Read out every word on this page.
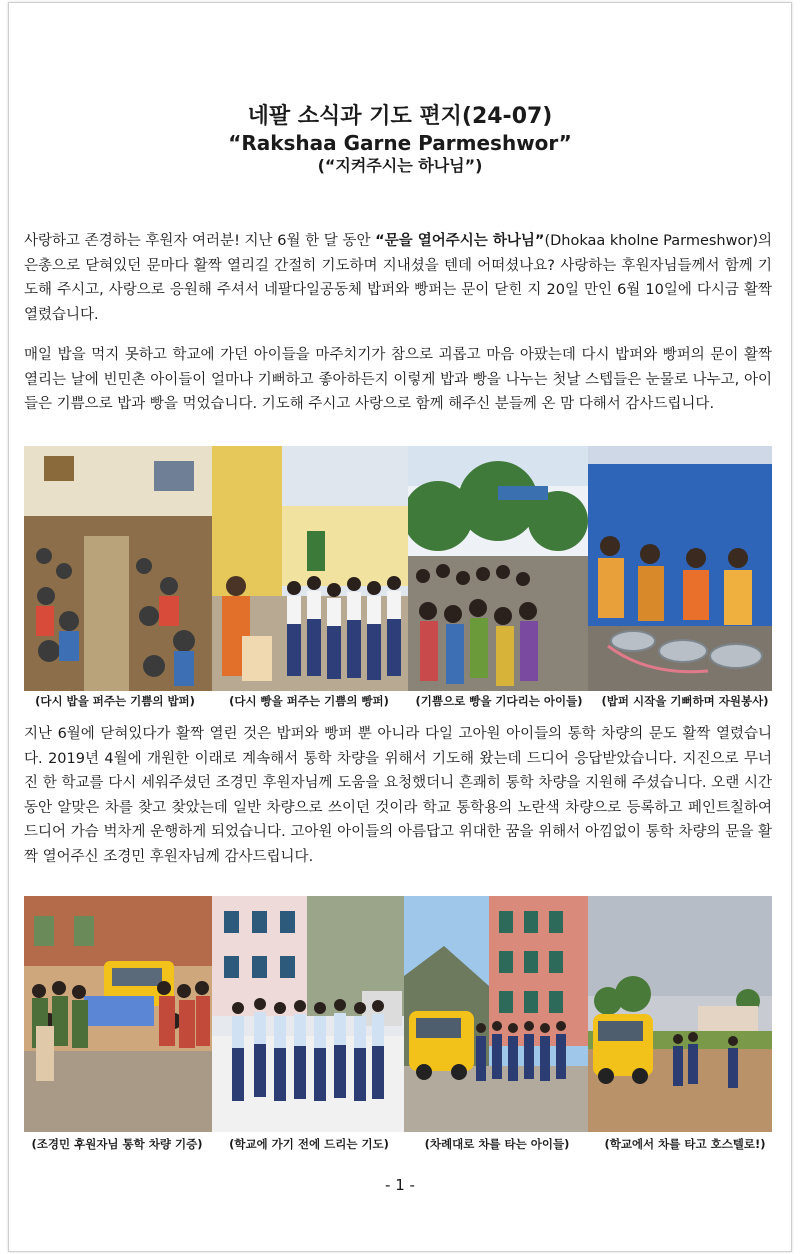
네팔 소식과 기도 편지(24-07)
“Rakshaa Garne Parmeshwor”
(“지켜주시는 하나님”)
사랑하고 존경하는 후원자 여러분! 지난 6월 한 달 동안 “문을 열어주시는 하나님”(Dhokaa kholne Parmeshwor)의 은총으로 닫혀있던 문마다 활짝 열리길 간절히 기도하며 지내셨을 텐데 어떠셨나요? 사랑하는 후원자님들께서 함께 기도해 주시고, 사랑으로 응원해 주셔서 네팔다일공동체 밥퍼와 빵퍼는 문이 닫힌 지 20일 만인 6월 10일에 다시금 활짝 열렸습니다.
매일 밥을 먹지 못하고 학교에 가던 아이들을 마주치기가 참으로 괴롭고 마음 아팠는데 다시 밥퍼와 빵퍼의 문이 활짝 열리는 날에 빈민촌 아이들이 얼마나 기뻐하고 좋아하든지 이렇게 밥과 빵을 나누는 첫날 스텝들은 눈물로 나누고, 아이들은 기쁨으로 밥과 빵을 먹었습니다. 기도해 주시고 사랑으로 함께 해주신 분들께 온 맘 다해서 감사드립니다.
(다시 밥을 퍼주는 기쁨의 밥퍼)	(다시 빵을 퍼주는 기쁨의 빵퍼)	(기쁨으로 빵을 기다리는 아이들)	(밥퍼 시작을 기뻐하며 자원봉사)
지난 6월에 닫혀있다가 활짝 열린 것은 밥퍼와 빵퍼 뿐 아니라 다일 고아원 아이들의 통학 차량의 문도 활짝 열렸습니다. 2019년 4월에 개원한 이래로 계속해서 통학 차량을 위해서 기도해 왔는데 드디어 응답받았습니다. 지진으로 무너진 한 학교를 다시 세워주셨던 조경민 후원자님께 도움을 요청했더니 흔쾌히 통학 차량을 지원해 주셨습니다. 오랜 시간 동안 알맞은 차를 찾고 찾았는데 일반 차량으로 쓰이던 것이라 학교 통학용의 노란색 차량으로 등록하고 페인트칠하여 드디어 가슴 벅차게 운행하게 되었습니다. 고아원 아이들의 아름답고 위대한 꿈을 위해서 아낌없이 통학 차량의 문을 활짝 열어주신 조경민 후원자님께 감사드립니다.
(조경민 후원자님 통학 차량 기증)	(학교에 가기 전에 드리는 기도)	(차례대로 차를 타는 아이들)	(학교에서 차를 타고 호스텔로!)
- 1 -
